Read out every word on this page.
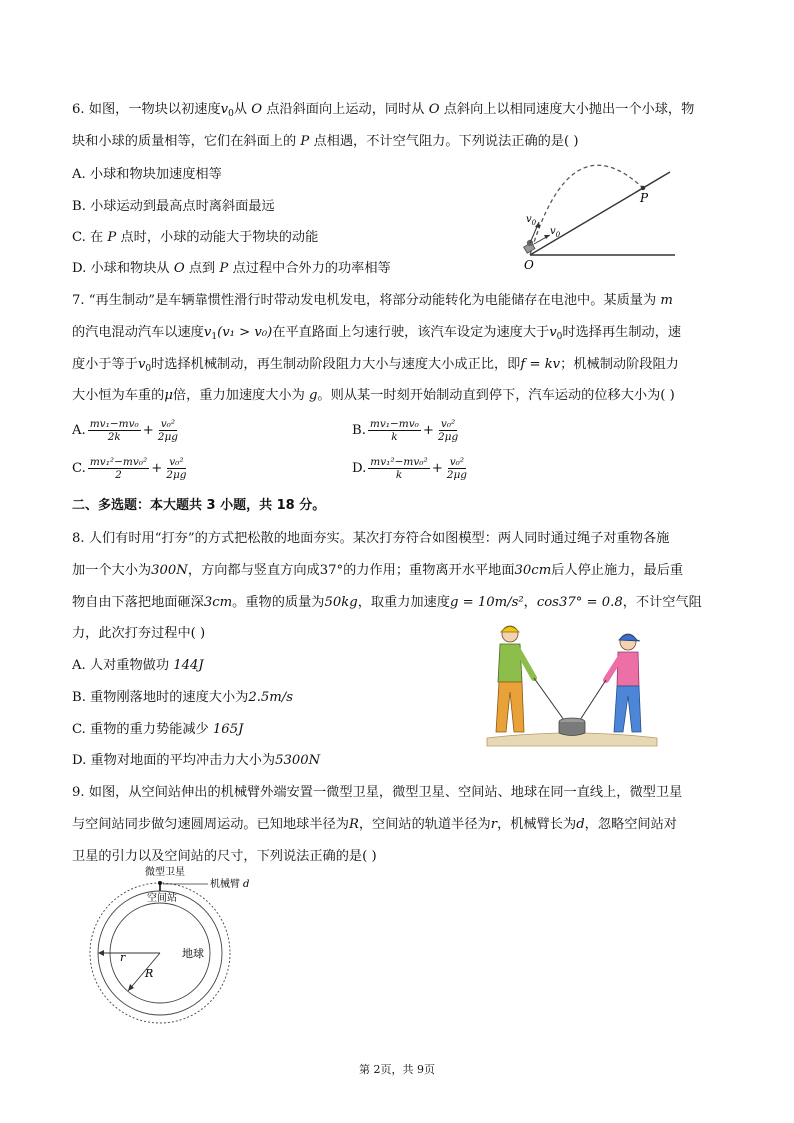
6. 如图，一物块以初速度$v_0$从 O 点沿斜面向上运动，同时从 O 点斜向上以相同速度大小抛出一个小球，物
块和小球的质量相等，它们在斜面上的 P 点相遇，不计空气阻力。下列说法正确的是( )
A. 小球和物块加速度相等
B. 小球运动到最高点时离斜面最远
C. 在 P 点时，小球的动能大于物块的动能
D. 小球和物块从 O 点到 P 点过程中合外力的功率相等
P
O
$v_0$
$v_0$
7. “再生制动”是车辆靠惯性滑行时带动发电机发电，将部分动能转化为电能储存在电池中。某质量为 m
的汽电混动汽车以速度$v_1(v_1 > v_0)$在平直路面上匀速行驶，该汽车设定为速度大于$v_0$时选择再生制动，速
度小于等于$v_0$时选择机械制动，再生制动阶段阻力大小与速度大小成正比，即f = kv；机械制动阶段阻力
大小恒为车重的μ倍，重力加速度大小为 g。则从某一时刻开始制动直到停下，汽车运动的位移大小为( )
A. $\frac{\text{mv₁−mv₀}}{2k} + \frac{\text{v₀²}}{2\mu g}$	B. $\frac{\text{mv₁−mv₀}}{k} + \frac{\text{v₀²}}{2\mu g}$
C. $\frac{\text{mv₁²−mv₀²}}{2} + \frac{\text{v₀²}}{2\mu g}$	D. $\frac{\text{mv₁²−mv₀²}}{k} + \frac{\text{v₀²}}{2\mu g}$
二、多选题：本大题共 3 小题，共 18 分。
8. 人们有时用“打夯”的方式把松散的地面夯实。某次打夯符合如图模型：两人同时通过绳子对重物各施
加一个大小为300N，方向都与竖直方向成37°的力作用；重物离开水平地面30cm后人停止施力，最后重
物自由下落把地面砸深3cm。重物的质量为50kg，取重力加速度g = 10m/s²，cos37° = 0.8，不计空气阻
力，此次打夯过程中( )
A. 人对重物做功 144J
B. 重物刚落地时的速度大小为2.5m/s
C. 重物的重力势能减少 165J
D. 重物对地面的平均冲击力大小为5300N
9. 如图，从空间站伸出的机械臂外端安置一微型卫星，微型卫星、空间站、地球在同一直线上，微型卫星
与空间站同步做匀速圆周运动。已知地球半径为R，空间站的轨道半径为r，机械臂长为d，忽略空间站对
卫星的引力以及空间站的尺寸，下列说法正确的是( )
微型卫星
机械臂 d
空间站
地球
r
R
第 2页，共 9页
